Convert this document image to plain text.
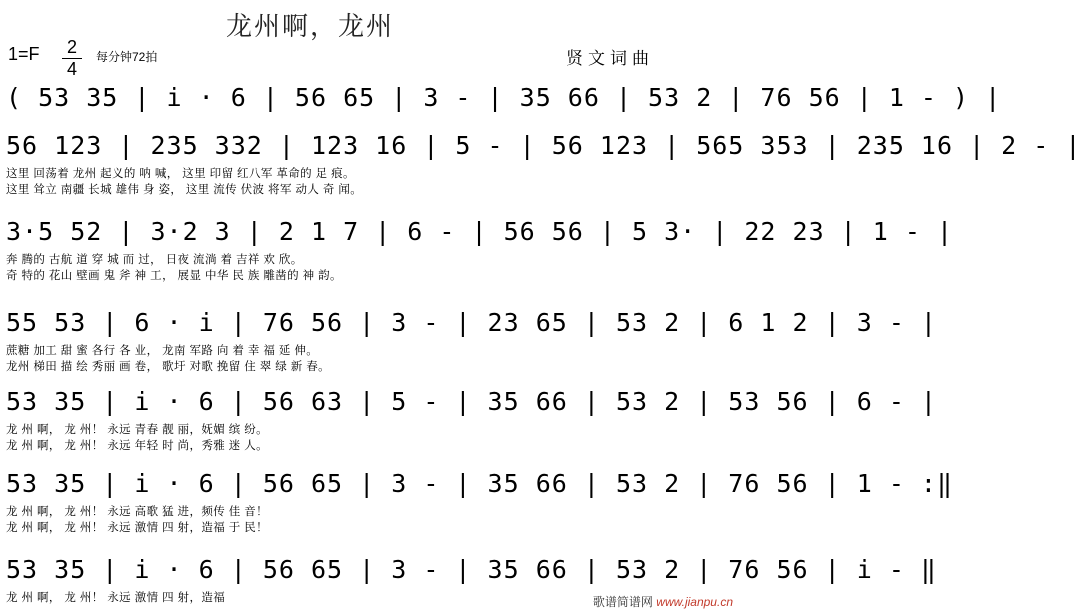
龙州啊，龙州
1=F 2
4
每分钟72拍	贤文词曲
( 53 35 | i · 6 | 56 65 | 3 - | 35 66 | 53 2 | 76 56 | 1 - ) |
56 123 | 235 332 | 123 16 | 5 - | 56 123 | 565 353 | 235 16 | 2 - |
这里 回荡着 龙州 起义的 呐 喊， 这里 印留 红八军 革命的 足 痕。
这里 耸立 南疆 长城 雄伟 身 姿， 这里 流传 伏波 将军 动人 奇 闻。
3·5 52 | 3·2 3 | 2 1 7 | 6 - | 56 56 | 5 3· | 22 23 | 1 - |
奔 腾的 古航 道 穿 城 而 过， 日夜 流淌 着 吉祥 欢 欣。
奇 特的 花山 壁画 鬼 斧 神 工， 展显 中华 民 族 雕凿的 神 韵。
55 53 | 6 · i | 76 56 | 3 - | 23 65 | 53 2 | 6 1 2 | 3 - |
蔗糖 加工 甜 蜜 各行 各 业， 龙南 军路 向 着 幸 福 延 伸。
龙州 梯田 描 绘 秀丽 画 卷， 歌圩 对歌 挽留 住 翠 绿 新 春。
53 35 | i · 6 | 56 63 | 5 - | 35 66 | 53 2 | 53 56 | 6 - |
龙 州 啊， 龙 州！ 永远 青春 靓 丽，妩媚 缤 纷。
龙 州 啊， 龙 州！ 永远 年轻 时 尚，秀雅 迷 人。
53 35 | i · 6 | 56 65 | 3 - | 35 66 | 53 2 | 76 56 | 1 - :‖
龙 州 啊， 龙 州！ 永远 高歌 猛 进，频传 佳 音！
龙 州 啊， 龙 州！ 永远 激情 四 射，造福 于 民！
53 35 | i · 6 | 56 65 | 3 - | 35 66 | 53 2 | 76 56 | i - ‖
龙 州 啊， 龙 州！ 永远 激情 四 射，造福	歌谱简谱网 www.jianpu.cn
